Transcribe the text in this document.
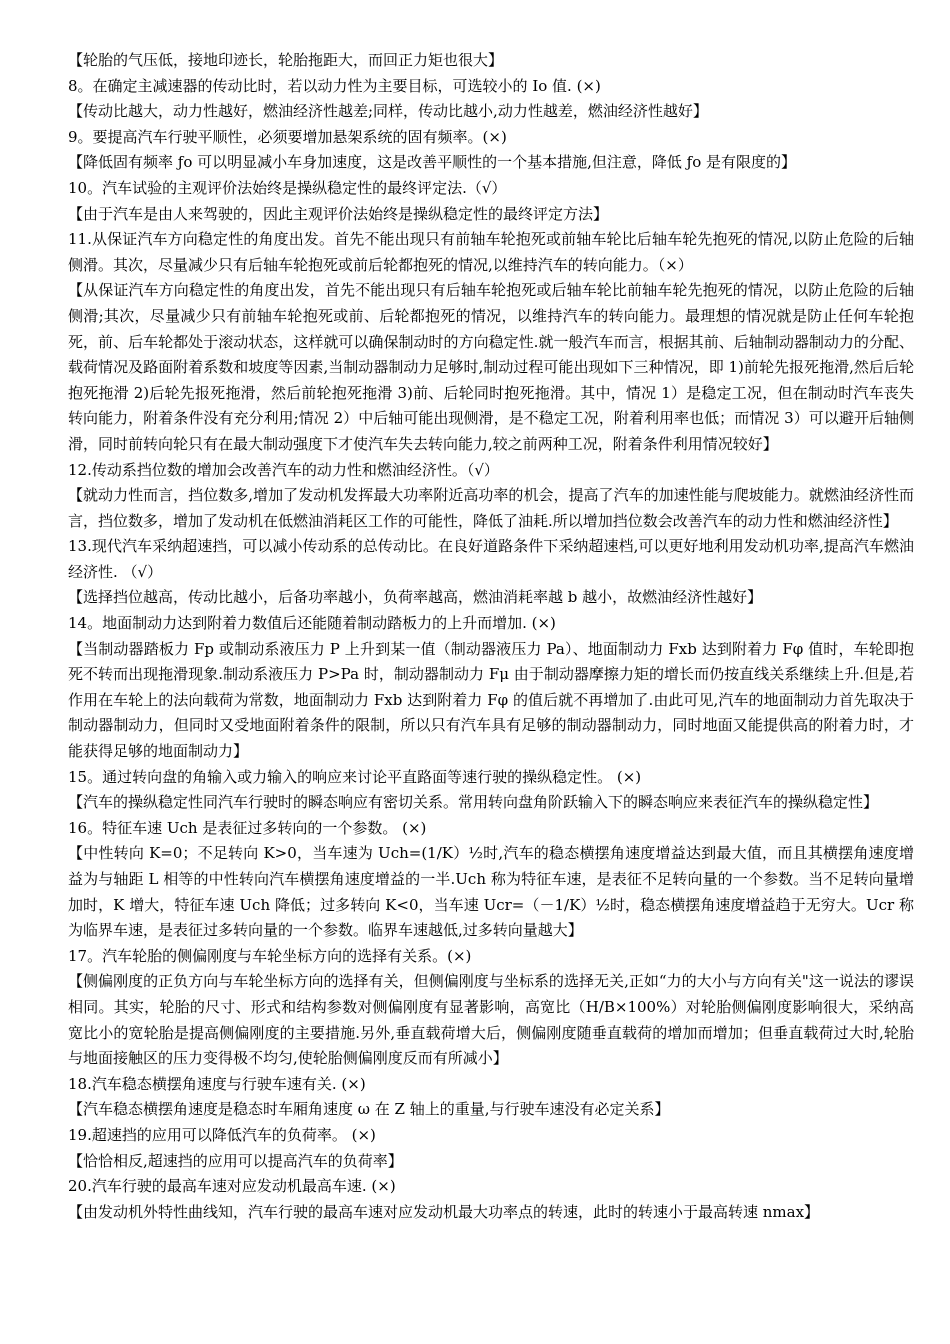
【轮胎的气压低，接地印迹长，轮胎拖距大，而回正力矩也很大】

8。在确定主减速器的传动比时，若以动力性为主要目标，可选较小的 Io 值. (×)

【传动比越大，动力性越好，燃油经济性越差;同样，传动比越小,动力性越差，燃油经济性越好】

9。要提高汽车行驶平顺性，必须要增加悬架系统的固有频率。(×)

【降低固有频率 ƒo 可以明显减小车身加速度，这是改善平顺性的一个基本措施,但注意，降低 ƒo 是有限度的】

10。汽车试验的主观评价法始终是操纵稳定性的最终评定法.（√）

【由于汽车是由人来驾驶的，因此主观评价法始终是操纵稳定性的最终评定方法】

11.从保证汽车方向稳定性的角度出发。首先不能出现只有前轴车轮抱死或前轴车轮比后轴车轮先抱死的情况,以防止危险的后轴侧滑。其次，尽量减少只有后轴车轮抱死或前后轮都抱死的情况,以维持汽车的转向能力。（×）

【从保证汽车方向稳定性的角度出发，首先不能出现只有后轴车轮抱死或后轴车轮比前轴车轮先抱死的情况，以防止危险的后轴侧滑;其次，尽量减少只有前轴车轮抱死或前、后轮都抱死的情况，以维持汽车的转向能力。最理想的情况就是防止任何车轮抱死，前、后车轮都处于滚动状态，这样就可以确保制动时的方向稳定性.就一般汽车而言，根据其前、后轴制动器制动力的分配、载荷情况及路面附着系数和坡度等因素,当制动器制动力足够时,制动过程可能出现如下三种情况，即 1)前轮先报死拖滑,然后后轮抱死拖滑 2)后轮先报死拖滑，然后前轮抱死拖滑 3)前、后轮同时抱死拖滑。其中，情况 1）是稳定工况，但在制动时汽车丧失转向能力，附着条件没有充分利用;情况 2）中后轴可能出现侧滑，是不稳定工况，附着利用率也低；而情况 3）可以避开后轴侧滑，同时前转向轮只有在最大制动强度下才使汽车失去转向能力,较之前两种工况，附着条件利用情况较好】

12.传动系挡位数的增加会改善汽车的动力性和燃油经济性。（√）

【就动力性而言，挡位数多,增加了发动机发挥最大功率附近高功率的机会，提高了汽车的加速性能与爬坡能力。就燃油经济性而言，挡位数多，增加了发动机在低燃油消耗区工作的可能性，降低了油耗.所以增加挡位数会改善汽车的动力性和燃油经济性】

13.现代汽车采纳超速挡，可以减小传动系的总传动比。在良好道路条件下采纳超速档,可以更好地利用发动机功率,提高汽车燃油经济性. （√）

【选择挡位越高，传动比越小，后备功率越小，负荷率越高，燃油消耗率越 b 越小，故燃油经济性越好】

14。地面制动力达到附着力数值后还能随着制动踏板力的上升而增加. (×)

【当制动器踏板力 Fp 或制动系液压力 P 上升到某一值（制动器液压力 Pa）、地面制动力 Fxb 达到附着力 Fφ 值时，车轮即抱死不转而出现拖滑现象.制动系液压力 P>Pa 时，制动器制动力 Fμ 由于制动器摩擦力矩的增长而仍按直线关系继续上升.但是,若作用在车轮上的法向载荷为常数，地面制动力 Fxb 达到附着力 Fφ 的值后就不再增加了.由此可见,汽车的地面制动力首先取决于制动器制动力，但同时又受地面附着条件的限制，所以只有汽车具有足够的制动器制动力，同时地面又能提供高的附着力时，才能获得足够的地面制动力】

15。通过转向盘的角输入或力输入的响应来讨论平直路面等速行驶的操纵稳定性。 (×)

【汽车的操纵稳定性同汽车行驶时的瞬态响应有密切关系。常用转向盘角阶跃输入下的瞬态响应来表征汽车的操纵稳定性】

16。特征车速 Uch 是表征过多转向的一个参数。 (×)

【中性转向 K=0；不足转向 K>0，当车速为 Uch=(1/K）½时,汽车的稳态横摆角速度增益达到最大值，而且其横摆角速度增益为与轴距 L 相等的中性转向汽车横摆角速度增益的一半.Uch 称为特征车速，是表征不足转向量的一个参数。当不足转向量增加时，K 增大，特征车速 Uch 降低；过多转向 K<0，当车速 Ucr=（－1/K）½时，稳态横摆角速度增益趋于无穷大。Ucr 称为临界车速，是表征过多转向量的一个参数。临界车速越低,过多转向量越大】

17。汽车轮胎的侧偏刚度与车轮坐标方向的选择有关系。(×)

【侧偏刚度的正负方向与车轮坐标方向的选择有关，但侧偏刚度与坐标系的选择无关,正如“力的大小与方向有关"这一说法的谬误相同。其实，轮胎的尺寸、形式和结构参数对侧偏刚度有显著影响，高宽比（H/B×100%）对轮胎侧偏刚度影响很大，采纳高宽比小的宽轮胎是提高侧偏刚度的主要措施.另外,垂直载荷增大后，侧偏刚度随垂直载荷的增加而增加；但垂直载荷过大时,轮胎与地面接触区的压力变得极不均匀,使轮胎侧偏刚度反而有所减小】

18.汽车稳态横摆角速度与行驶车速有关. (×)

【汽车稳态横摆角速度是稳态时车厢角速度 ω 在 Z 轴上的重量,与行驶车速没有必定关系】

19.超速挡的应用可以降低汽车的负荷率。 (×)

【恰恰相反,超速挡的应用可以提高汽车的负荷率】

20.汽车行驶的最高车速对应发动机最高车速. (×)

【由发动机外特性曲线知，汽车行驶的最高车速对应发动机最大功率点的转速，此时的转速小于最高转速 nmax】
